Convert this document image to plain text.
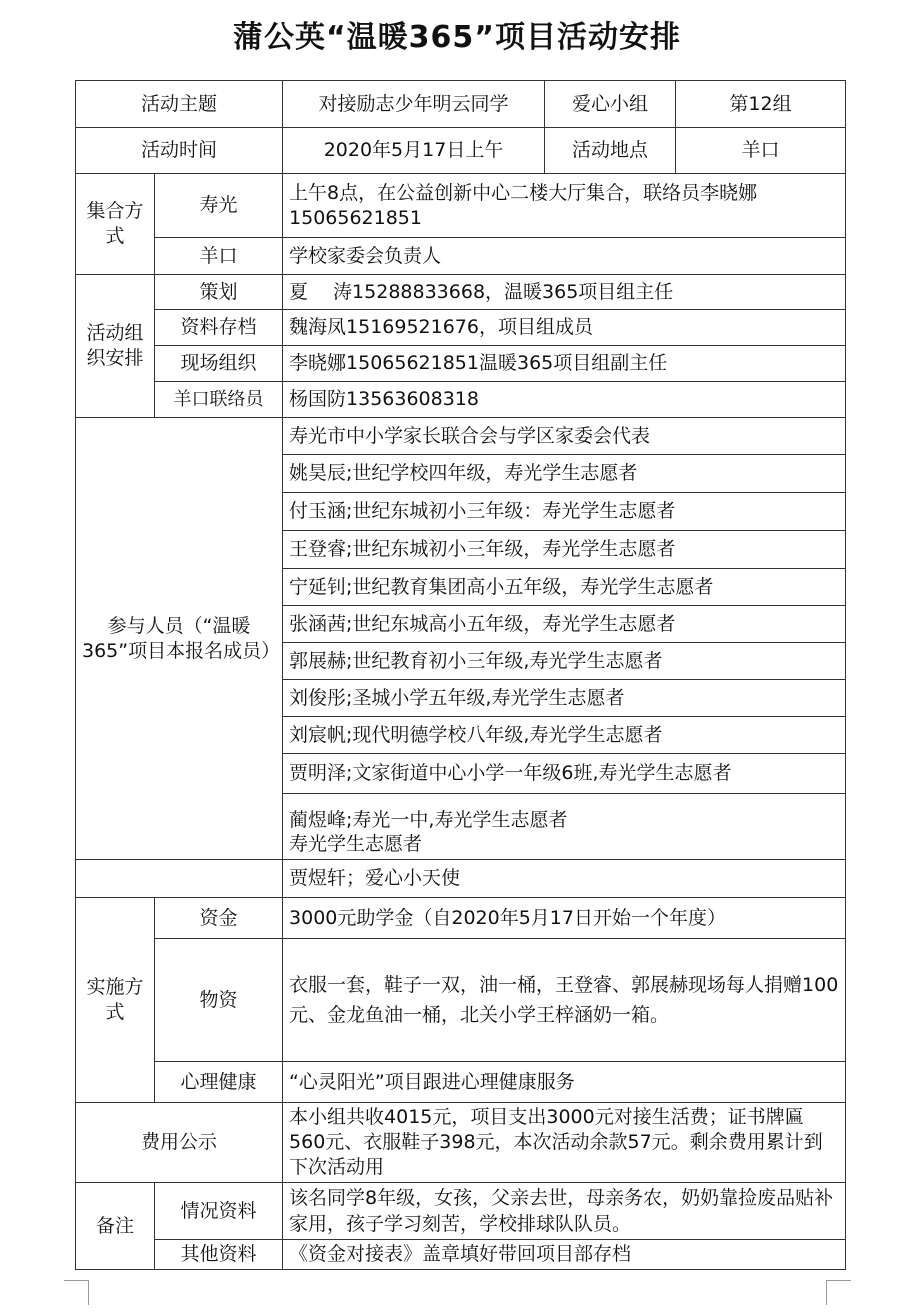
蒲公英“温暖365”项目活动安排
活动主题		对接励志少年明云同学	爱心小组	第12组
活动时间		2020年5月17日上午	活动地点	羊口
集合方式	寿光	上午8点，在公益创新中心二楼大厅集合，联络员李晓娜15065621851		
	羊口	学校家委会负责人		
活动组织安排	策划	夏　 涛15288833668，温暖365项目组主任		
	资料存档	魏海凤15169521676，项目组成员		
	现场组织	李晓娜15065621851温暖365项目组副主任		
	羊口联络员	杨国防13563608318		
参与人员（“温暖365”项目本报名成员）		寿光市中小学家长联合会与学区家委会代表		
		姚昊辰;世纪学校四年级，寿光学生志愿者		
		付玉涵;世纪东城初小三年级：寿光学生志愿者		
		王登睿;世纪东城初小三年级，寿光学生志愿者		
		宁延钊;世纪教育集团高小五年级，寿光学生志愿者		
		张涵茜;世纪东城高小五年级，寿光学生志愿者		
		郭展赫;世纪教育初小三年级,寿光学生志愿者		
		刘俊彤;圣城小学五年级,寿光学生志愿者		
		刘宸帆;现代明德学校八年级,寿光学生志愿者		
		贾明泽;文家街道中心小学一年级6班,寿光学生志愿者		

		蔺煜峰;寿光一中,寿光学生志愿者
寿光学生志愿者		

		贾煜轩；爱心小天使		
实施方式	资金	3000元助学金（自2020年5月17日开始一个年度）		
	物资	衣服一套，鞋子一双，油一桶，王登睿、郭展赫现场每人捐赠100元、金龙鱼油一桶，北关小学王梓涵奶一箱。		
	心理健康	“心灵阳光”项目跟进心理健康服务		
费用公示		本小组共收4015元，项目支出3000元对接生活费；证书牌匾560元、衣服鞋子398元，本次活动余款57元。剩余费用累计到下次活动用		
备注	情况资料	该名同学8年级，女孩，父亲去世，母亲务农，奶奶靠捡废品贴补家用，孩子学习刻苦，学校排球队队员。		
	其他资料	《资金对接表》盖章填好带回项目部存档		
